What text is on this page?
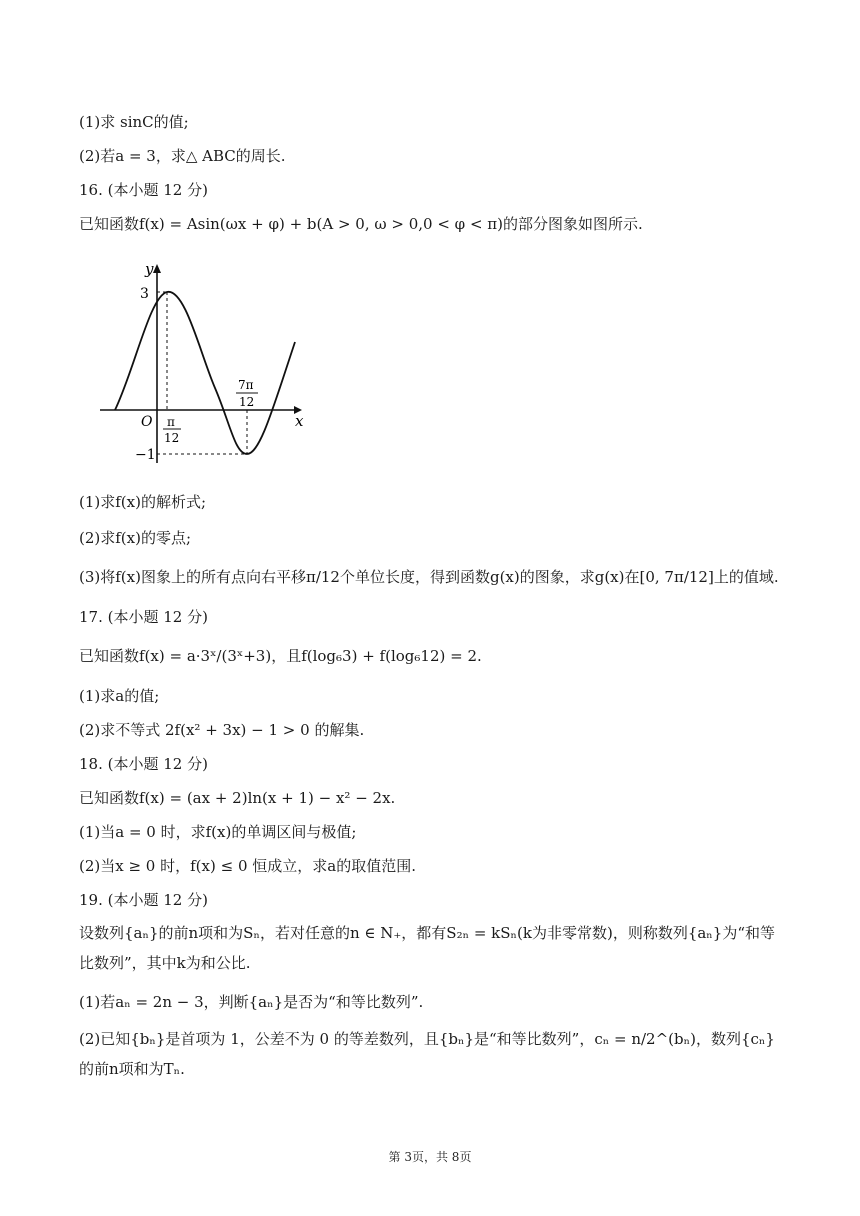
(1)求 sinC的值;
(2)若a = 3，求△ ABC的周长.
16. (本小题 12 分)
已知函数f(x) = Asin(ωx + φ) + b(A > 0, ω > 0,0 < φ < π)的部分图象如图所示.
y
x
O
3
−1
π
12
7π
12
(1)求f(x)的解析式;
(2)求f(x)的零点;
(3)将f(x)图象上的所有点向右平移π/12个单位长度，得到函数g(x)的图象，求g(x)在[0, 7π/12]上的值域.
17. (本小题 12 分)
已知函数f(x) = a·3ˣ/(3ˣ+3)，且f(log₆3) + f(log₆12) = 2.
(1)求a的值;
(2)求不等式 2f(x² + 3x) − 1 > 0 的解集.
18. (本小题 12 分)
已知函数f(x) = (ax + 2)ln(x + 1) − x² − 2x.
(1)当a = 0 时，求f(x)的单调区间与极值;
(2)当x ≥ 0 时，f(x) ≤ 0 恒成立，求a的取值范围.
19. (本小题 12 分)
设数列{aₙ}的前n项和为Sₙ，若对任意的n ∈ N₊，都有S₂ₙ = kSₙ(k为非零常数)，则称数列{aₙ}为“和等比数列”，其中k为和公比.
(1)若aₙ = 2n − 3，判断{aₙ}是否为“和等比数列”.
(2)已知{bₙ}是首项为 1，公差不为 0 的等差数列，且{bₙ}是“和等比数列”，cₙ = n/2^(bₙ)，数列{cₙ}的前n项和为Tₙ.
第 3页，共 8页
